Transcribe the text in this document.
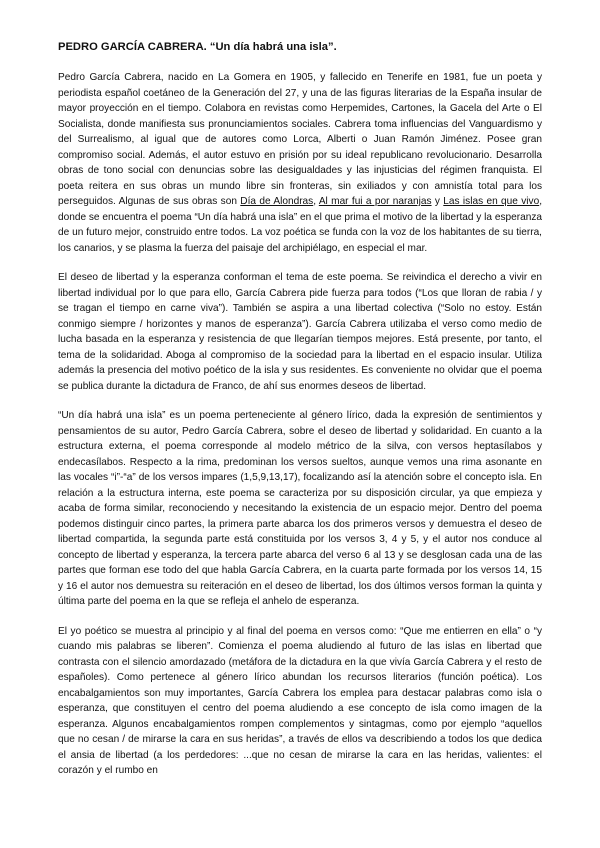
PEDRO GARCÍA CABRERA. “Un día habrá una isla”.

Pedro García Cabrera, nacido en La Gomera en 1905, y fallecido en Tenerife en 1981, fue un poeta y periodista español coetáneo de la Generación del 27, y una de las figuras literarias de la España insular de mayor proyección en el tiempo. Colabora en revistas como Herpemides, Cartones, la Gacela del Arte o El Socialista, donde manifiesta sus pronunciamientos sociales. Cabrera toma influencias del Vanguardismo y del Surrealismo, al igual que de autores como Lorca, Alberti o Juan Ramón Jiménez. Posee gran compromiso social. Además, el autor estuvo en prisión por su ideal republicano revolucionario. Desarrolla obras de tono social con denuncias sobre las desigualdades y las injusticias del régimen franquista. El poeta reitera en sus obras un mundo libre sin fronteras, sin exiliados y con amnistía total para los perseguidos. Algunas de sus obras son Día de Alondras, Al mar fui a por naranjas y Las islas en que vivo, donde se encuentra el poema “Un día habrá una isla” en el que prima el motivo de la libertad y la esperanza de un futuro mejor, construido entre todos. La voz poética se funda con la voz de los habitantes de su tierra, los canarios, y se plasma la fuerza del paisaje del archipiélago, en especial el mar.

El deseo de libertad y la esperanza conforman el tema de este poema. Se reivindica el derecho a vivir en libertad individual por lo que para ello, García Cabrera pide fuerza para todos (“Los que lloran de rabia / y se tragan el tiempo en carne viva”). También se aspira a una libertad colectiva (“Solo no estoy. Están conmigo siempre / horizontes y manos de esperanza”). García Cabrera utilizaba el verso como medio de lucha basada en la esperanza y resistencia de que llegarían tiempos mejores. Está presente, por tanto, el tema de la solidaridad. Aboga al compromiso de la sociedad para la libertad en el espacio insular. Utiliza además la presencia del motivo poético de la isla y sus residentes. Es conveniente no olvidar que el poema se publica durante la dictadura de Franco, de ahí sus enormes deseos de libertad.

“Un día habrá una isla” es un poema perteneciente al género lírico, dada la expresión de sentimientos y pensamientos de su autor, Pedro García Cabrera, sobre el deseo de libertad y solidaridad. En cuanto a la estructura externa, el poema corresponde al modelo métrico de la silva, con versos heptasílabos y endecasílabos. Respecto a la rima, predominan los versos sueltos, aunque vemos una rima asonante en las vocales “i”-“a” de los versos impares (1,5,9,13,17), focalizando así la atención sobre el concepto isla. En relación a la estructura interna, este poema se caracteriza por su disposición circular, ya que empieza y acaba de forma similar, reconociendo y necesitando la existencia de un espacio mejor. Dentro del poema podemos distinguir cinco partes, la primera parte abarca los dos primeros versos y demuestra el deseo de libertad compartida, la segunda parte está constituida por los versos 3, 4 y 5, y el autor nos conduce al concepto de libertad y esperanza, la tercera parte abarca del verso 6 al 13 y se desglosan cada una de las partes que forman ese todo del que habla García Cabrera, en la cuarta parte formada por los versos 14, 15 y 16 el autor nos demuestra su reiteración en el deseo de libertad, los dos últimos versos forman la quinta y última parte del poema en la que se refleja el anhelo de esperanza.

El yo poético se muestra al principio y al final del poema en versos como: “Que me entierren en ella” o “y cuando mis palabras se liberen”. Comienza el poema aludiendo al futuro de las islas en libertad que contrasta con el silencio amordazado (metáfora de la dictadura en la que vivía García Cabrera y el resto de españoles). Como pertenece al género lírico abundan los recursos literarios (función poética). Los encabalgamientos son muy importantes, García Cabrera los emplea para destacar palabras como isla o esperanza, que constituyen el centro del poema aludiendo a ese concepto de isla como imagen de la esperanza. Algunos encabalgamientos rompen complementos y sintagmas, como por ejemplo “aquellos que no cesan / de mirarse la cara en sus heridas”, a través de ellos va describiendo a todos los que dedica el ansia de libertad (a los perdedores: ...que no cesan de mirarse la cara en las heridas, valientes: el corazón y el rumbo en
